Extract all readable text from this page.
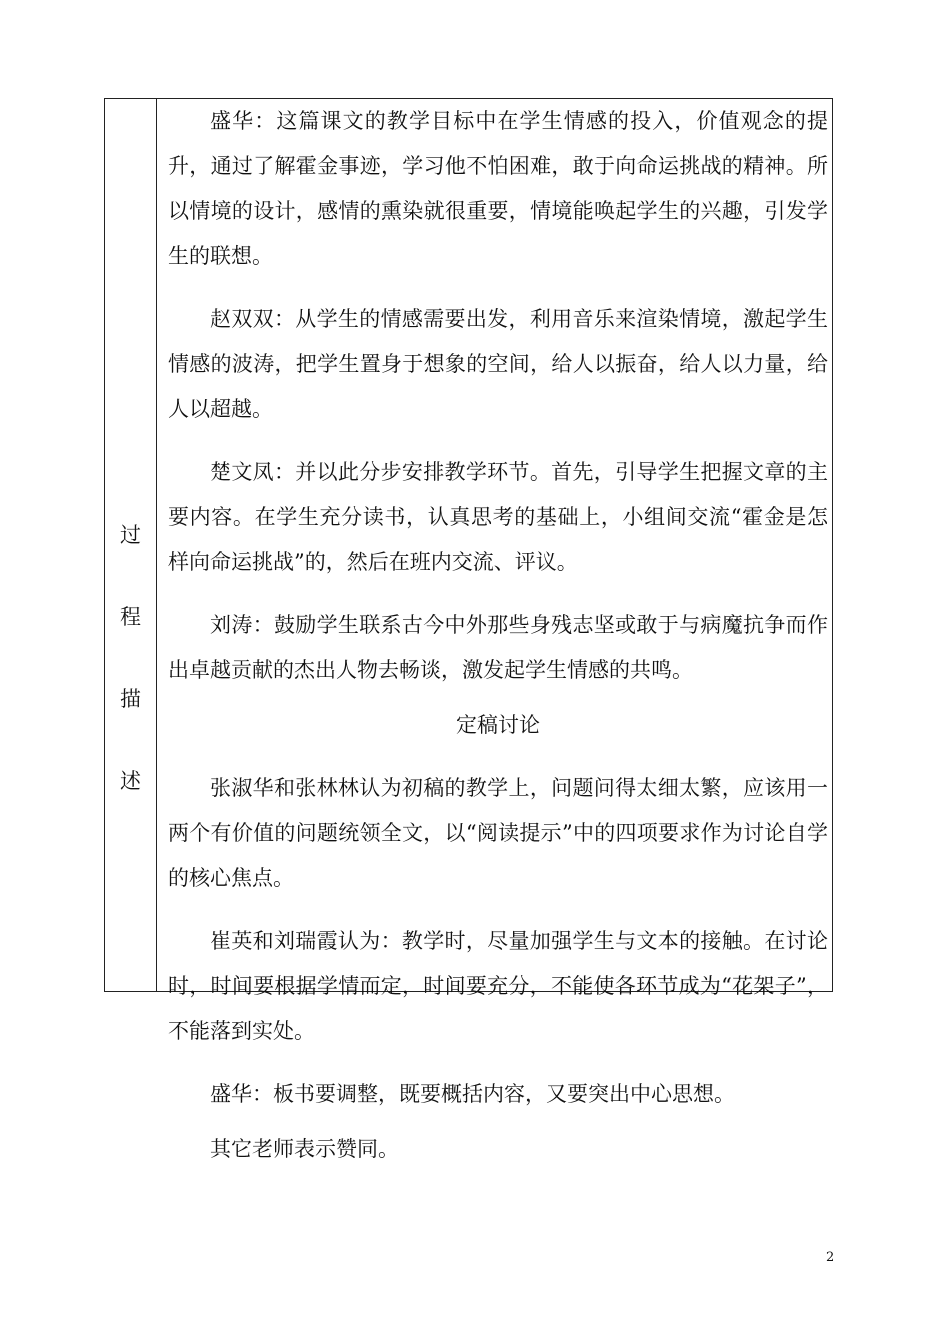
过
程
描
述

盛华：这篇课文的教学目标中在学生情感的投入，价值观念的提升，通过了解霍金事迹，学习他不怕困难，敢于向命运挑战的精神。所以情境的设计，感情的熏染就很重要，情境能唤起学生的兴趣，引发学生的联想。

赵双双：从学生的情感需要出发，利用音乐来渲染情境，激起学生情感的波涛，把学生置身于想象的空间，给人以振奋，给人以力量，给人以超越。

楚文凤：并以此分步安排教学环节。首先，引导学生把握文章的主要内容。在学生充分读书，认真思考的基础上，小组间交流“霍金是怎样向命运挑战”的，然后在班内交流、评议。

刘涛：鼓励学生联系古今中外那些身残志坚或敢于与病魔抗争而作出卓越贡献的杰出人物去畅谈，激发起学生情感的共鸣。

定稿讨论

张淑华和张林林认为初稿的教学上，问题问得太细太繁，应该用一两个有价值的问题统领全文，以“阅读提示”中的四项要求作为讨论自学的核心焦点。

崔英和刘瑞霞认为：教学时，尽量加强学生与文本的接触。在讨论时，时间要根据学情而定，时间要充分，不能使各环节成为“花架子”，不能落到实处。

盛华：板书要调整，既要概括内容，又要突出中心思想。

其它老师表示赞同。

2
